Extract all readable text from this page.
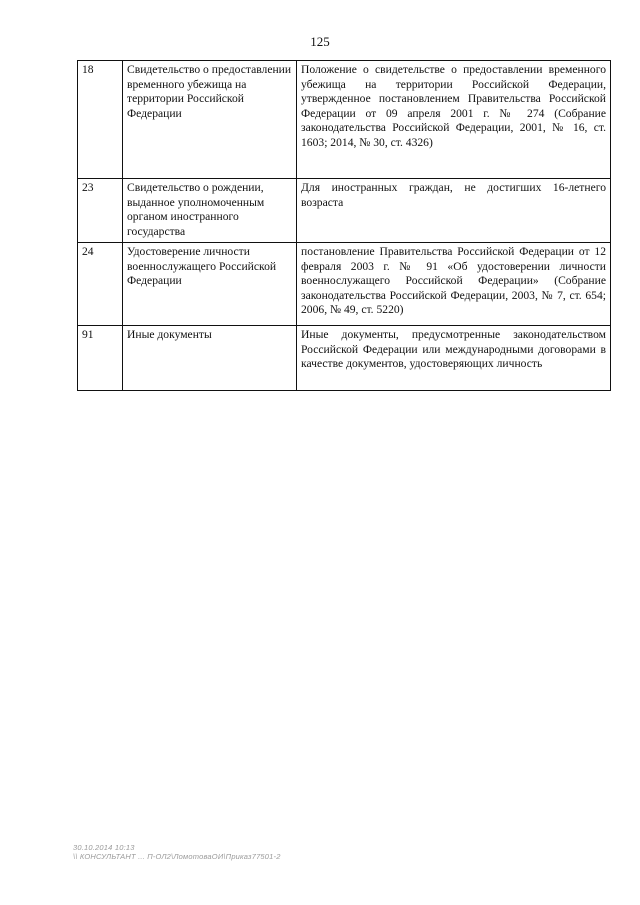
125
18	Свидетельство о предоставлении временного убежища на территории Российской Федерации	Положение о свидетельстве о предоставлении временного убежища на территории Российской Федерации, утвержденное постановлением Правительства Российской Федерации от 09 апреля 2001 г. № 274 (Собрание законодательства Российской Федерации, 2001, № 16, ст. 1603; 2014, № 30, ст. 4326)
23	Свидетельство о рождении, выданное уполномоченным органом иностранного государства	Для иностранных граждан, не достигших 16-летнего возраста
24	Удостоверение личности военнослужащего Российской Федерации	постановление Правительства Российской Федерации от 12 февраля 2003 г. № 91 «Об удостоверении личности военнослужащего Российской Федерации» (Собрание законодательства Российской Федерации, 2003, № 7, ст. 654; 2006, № 49, ст. 5220)
91	Иные документы	Иные документы, предусмотренные законодательством Российской Федерации или международными договорами в качестве документов, удостоверяющих личность
30.10.2014 10:13
\\ КОНСУЛЬТАНТ ... П-ОЛ2\ЛомотоваОИ\Приказ77501-2
